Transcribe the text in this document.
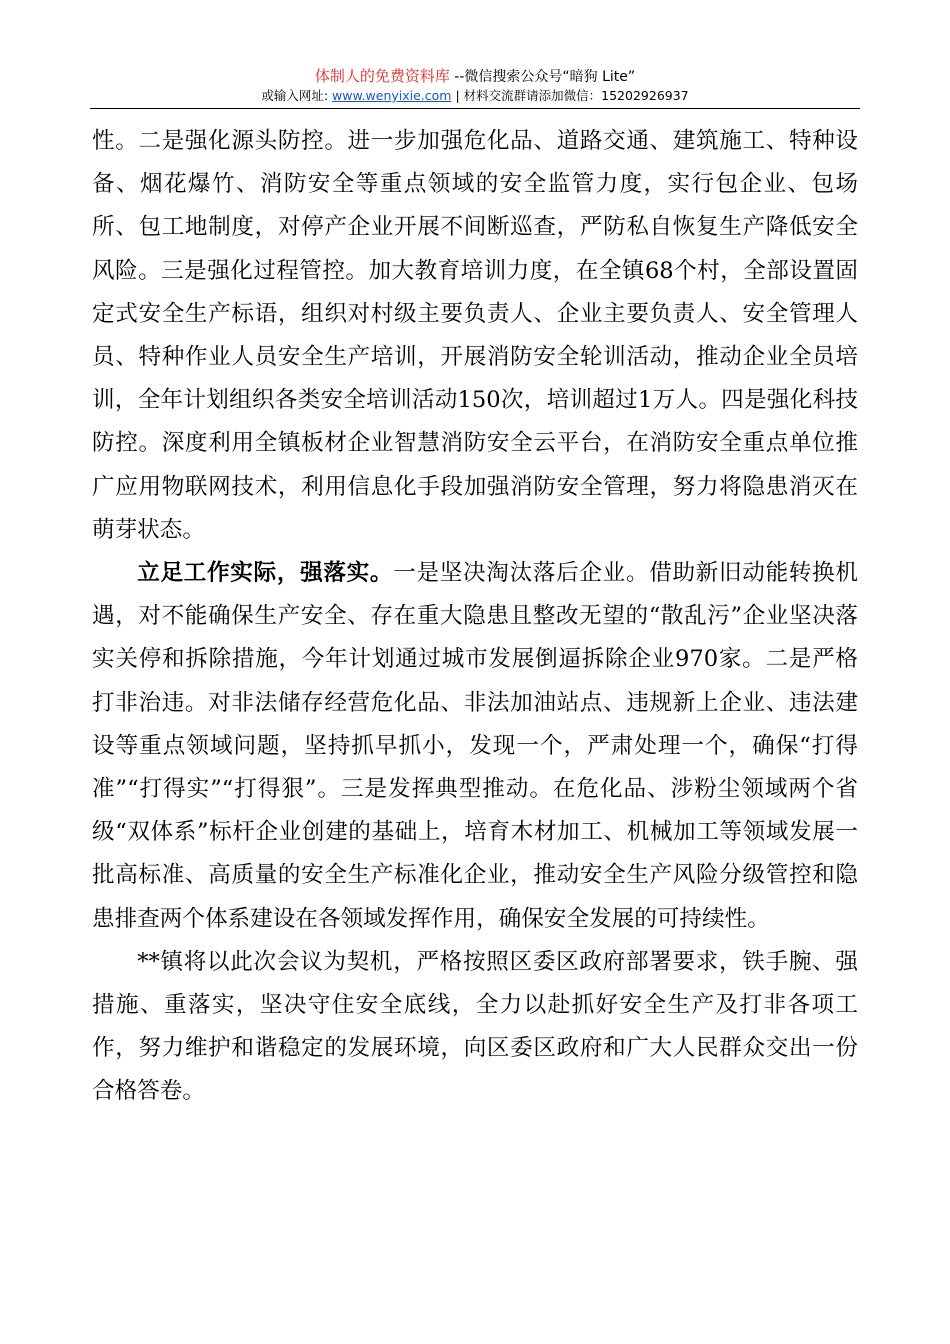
体制人的免费资料库 --微信搜索公众号“暗狗 Lite”
或输入网址: www.wenyixie.com | 材料交流群请添加微信：15202926937

性。二是强化源头防控。进一步加强危化品、道路交通、建筑施工、特种设备、烟花爆竹、消防安全等重点领域的安全监管力度，实行包企业、包场所、包工地制度，对停产企业开展不间断巡查，严防私自恢复生产降低安全风险。三是强化过程管控。加大教育培训力度，在全镇68个村，全部设置固定式安全生产标语，组织对村级主要负责人、企业主要负责人、安全管理人员、特种作业人员安全生产培训，开展消防安全轮训活动，推动企业全员培训，全年计划组织各类安全培训活动150次，培训超过1万人。四是强化科技防控。深度利用全镇板材企业智慧消防安全云平台，在消防安全重点单位推广应用物联网技术，利用信息化手段加强消防安全管理，努力将隐患消灭在萌芽状态。

立足工作实际，强落实。一是坚决淘汰落后企业。借助新旧动能转换机遇，对不能确保生产安全、存在重大隐患且整改无望的“散乱污”企业坚决落实关停和拆除措施，今年计划通过城市发展倒逼拆除企业970家。二是严格打非治违。对非法储存经营危化品、非法加油站点、违规新上企业、违法建设等重点领域问题，坚持抓早抓小，发现一个，严肃处理一个，确保“打得准”“打得实”“打得狠”。三是发挥典型推动。在危化品、涉粉尘领域两个省级“双体系”标杆企业创建的基础上，培育木材加工、机械加工等领域发展一批高标准、高质量的安全生产标准化企业，推动安全生产风险分级管控和隐患排查两个体系建设在各领域发挥作用，确保安全发展的可持续性。

**镇将以此次会议为契机，严格按照区委区政府部署要求，铁手腕、强措施、重落实，坚决守住安全底线，全力以赴抓好安全生产及打非各项工作，努力维护和谐稳定的发展环境，向区委区政府和广大人民群众交出一份合格答卷。
